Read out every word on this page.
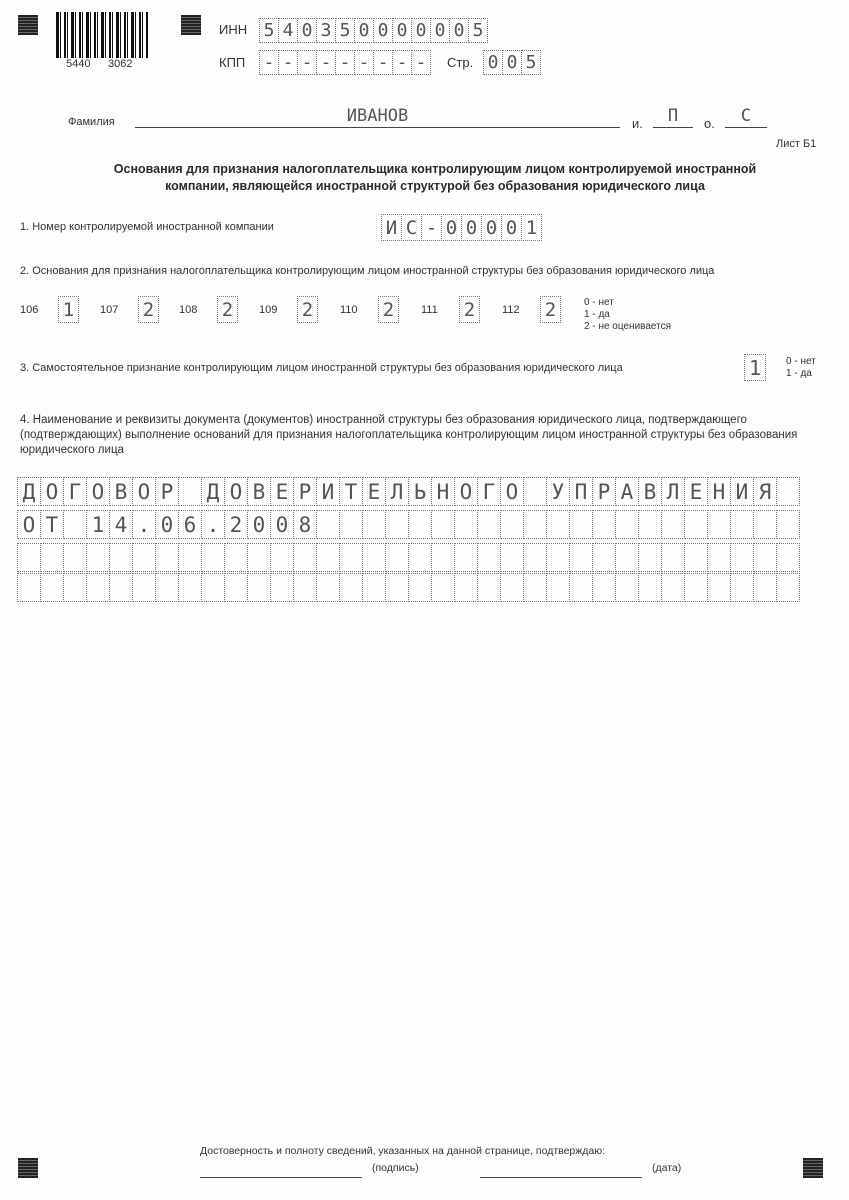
5440 3062
ИНН 5 4 0 3 5 0 0 0 0 0 0 5
КПП - - - - - - - - -	Стр. 0 0 5
Фамилия	ИВАНОВ	и.	П	о.	С
Лист Б1
Основания для признания налогоплательщика контролирующим лицом контролируемой иностранной
компании, являющейся иностранной структурой без образования юридического лица
1. Номер контролируемой иностранной компании	И С - 0 0 0 0 1
2. Основания для признания налогоплательщика контролирующим лицом иностранной структуры без образования юридического лица
106 1	107 2	108 2	109 2	110 2	111 2	112 2	0 - нет
1 - да
2 - не оценивается
3. Самостоятельное признание контролирующим лицом иностранной структуры без образования юридического лица	1	0 - нет
1 - да
4. Наименование и реквизиты документа (документов) иностранной структуры без образования юридического лица, подтверждающего (подтверждающих) выполнение оснований для признания налогоплательщика контролирующим лицом иностранной структуры без образования юридического лица
Д О Г О В О Р Д О В Е Р И Т Е Л Ь Н О Г О У П Р А В Л Е Н И Я
О Т 1 4 . 0 6 . 2 0 0 8
Достоверность и полноту сведений, указанных на данной странице, подтверждаю:
(подпись)	(дата)
